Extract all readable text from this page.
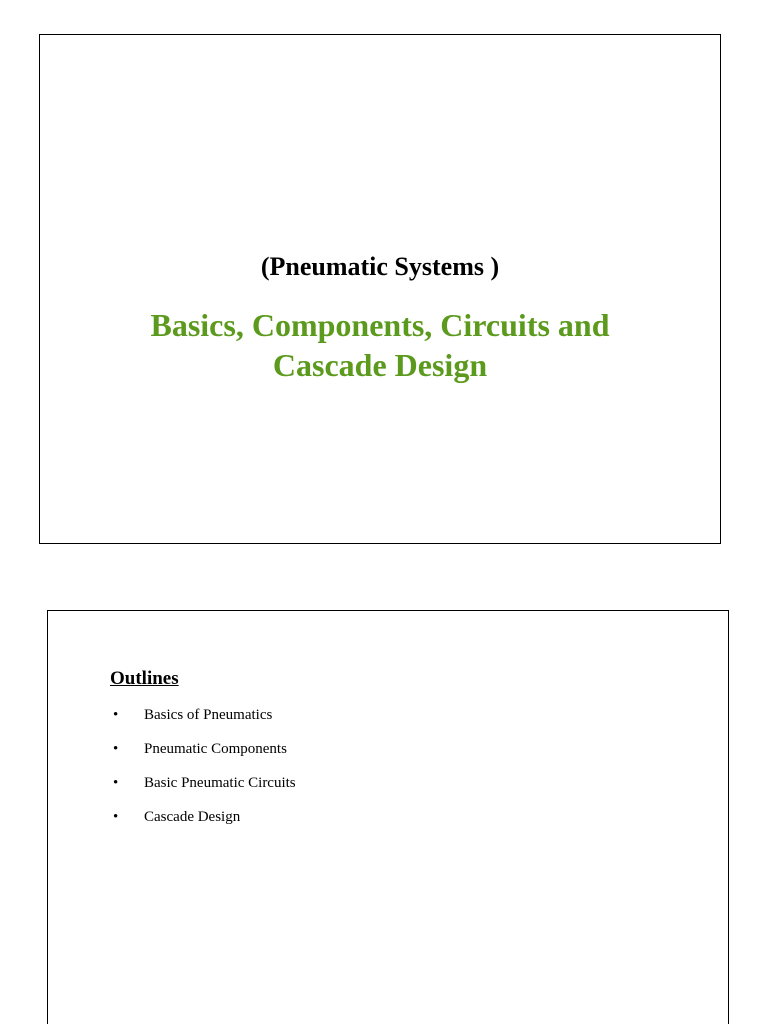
(Pneumatic Systems )
Basics, Components, Circuits and
Cascade Design
Outlines
• Basics of Pneumatics
• Pneumatic Components
• Basic Pneumatic Circuits
• Cascade Design
